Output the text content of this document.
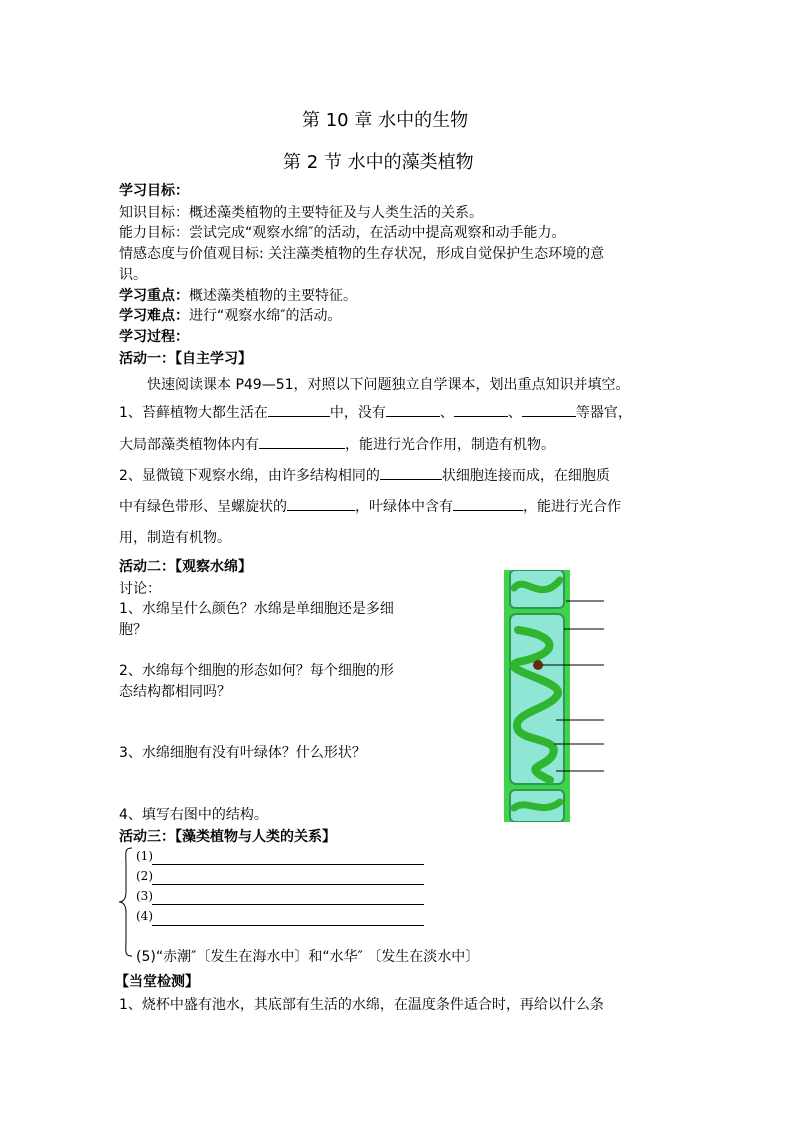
第 10 章 水中的生物
第 2 节 水中的藻类植物
学习目标：
知识目标：概述藻类植物的主要特征及与人类生活的关系。
能力目标：尝试完成“观察水绵″的活动，在活动中提高观察和动手能力。
情感态度与价值观目标: 关注藻类植物的生存状况，形成自觉保护生态环境的意
识。
学习重点：概述藻类植物的主要特征。
学习难点：进行“观察水绵″的活动。
学习过程：
活动一：【自主学习】
快速阅读课本 P49—51，对照以下问题独立自学课本，划出重点知识并填空。
1、苔藓植物大都生活在	中，没有	、	、	等器官，
大局部藻类植物体内有	，能进行光合作用，制造有机物。
2、显微镜下观察水绵，由许多结构相同的	状细胞连接而成，在细胞质
中有绿色带形、呈螺旋状的	，叶绿体中含有	，能进行光合作
用，制造有机物。
活动二：【观察水绵】
讨论：
1、水绵呈什么颜色？水绵是单细胞还是多细
胞？
2、水绵每个细胞的形态如何？每个细胞的形
态结构都相同吗？
3、水绵细胞有没有叶绿体？什么形状？
4、填写右图中的结构。
活动三：【藻类植物与人类的关系】
(1)
(2)
(3)
(4)
(5)“赤潮″〔发生在海水中〕和“水华″ 〔发生在淡水中〕
【当堂检测】
1、烧杯中盛有池水，其底部有生活的水绵，在温度条件适合时，再给以什么条
